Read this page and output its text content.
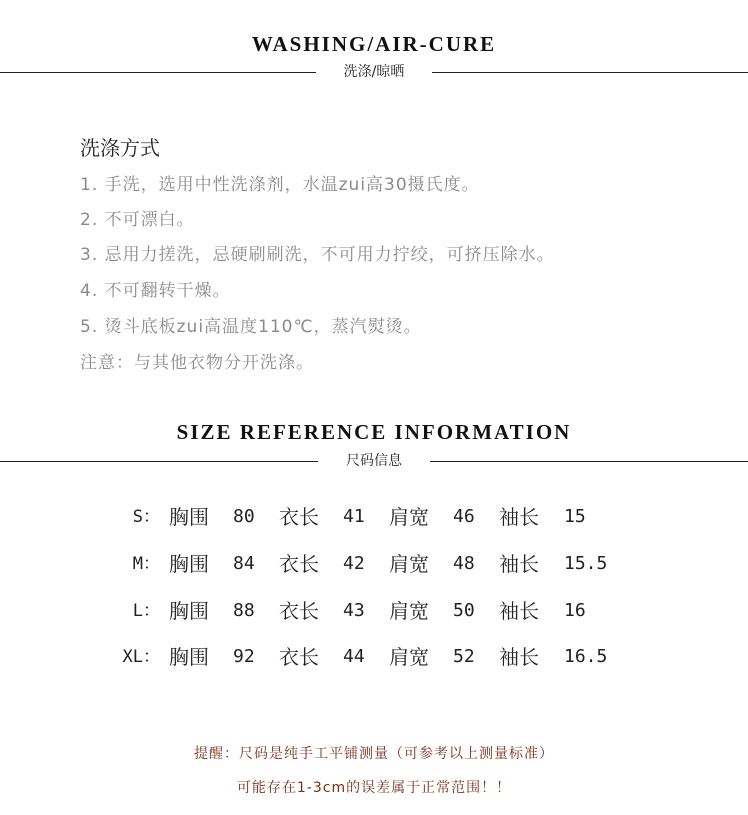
WASHING/AIR-CURE
洗涤/晾晒
洗涤方式
1. 手洗，选用中性洗涤剂，水温zui高30摄氏度。
2. 不可漂白。
3. 忌用力搓洗，忌硬刷刷洗，不可用力拧绞，可挤压除水。
4. 不可翻转干燥。
5. 烫斗底板zui高温度110℃，蒸汽熨烫。
注意：与其他衣物分开洗涤。
SIZE REFERENCE INFORMATION
尺码信息
S： 胸围 80 衣长 41 肩宽 46 袖长 15
M： 胸围 84 衣长 42 肩宽 48 袖长 15.5
L： 胸围 88 衣长 43 肩宽 50 袖长 16
XL： 胸围 92 衣长 44 肩宽 52 袖长 16.5
提醒：尺码是纯手工平铺测量（可参考以上测量标准）
可能存在1-3cm的误差属于正常范围！！
